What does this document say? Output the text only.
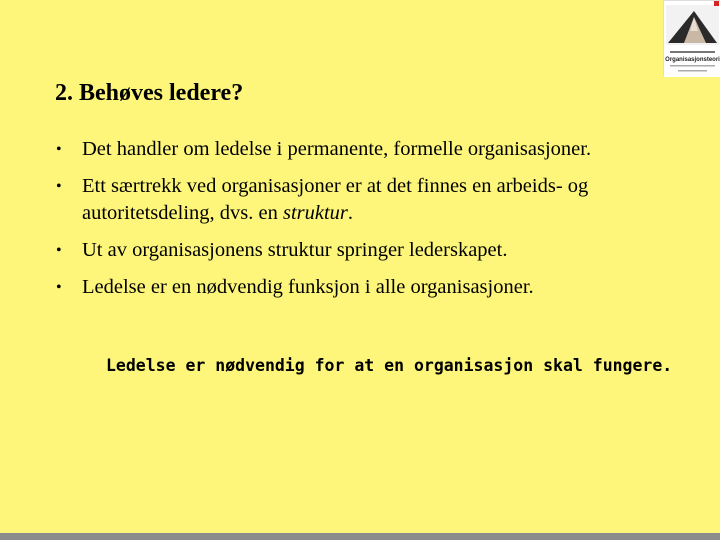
2. Behøves ledere?
• Det handler om ledelse i permanente, formelle organisasjoner.
• Ett særtrekk ved organisasjoner er at det finnes en arbeids- og autoritetsdeling, dvs. en struktur.
• Ut av organisasjonens struktur springer lederskapet.
• Ledelse er en nødvendig funksjon i alle organisasjoner.
Ledelse er nødvendig for at en organisasjon skal fungere.
Organisasjonsteori
